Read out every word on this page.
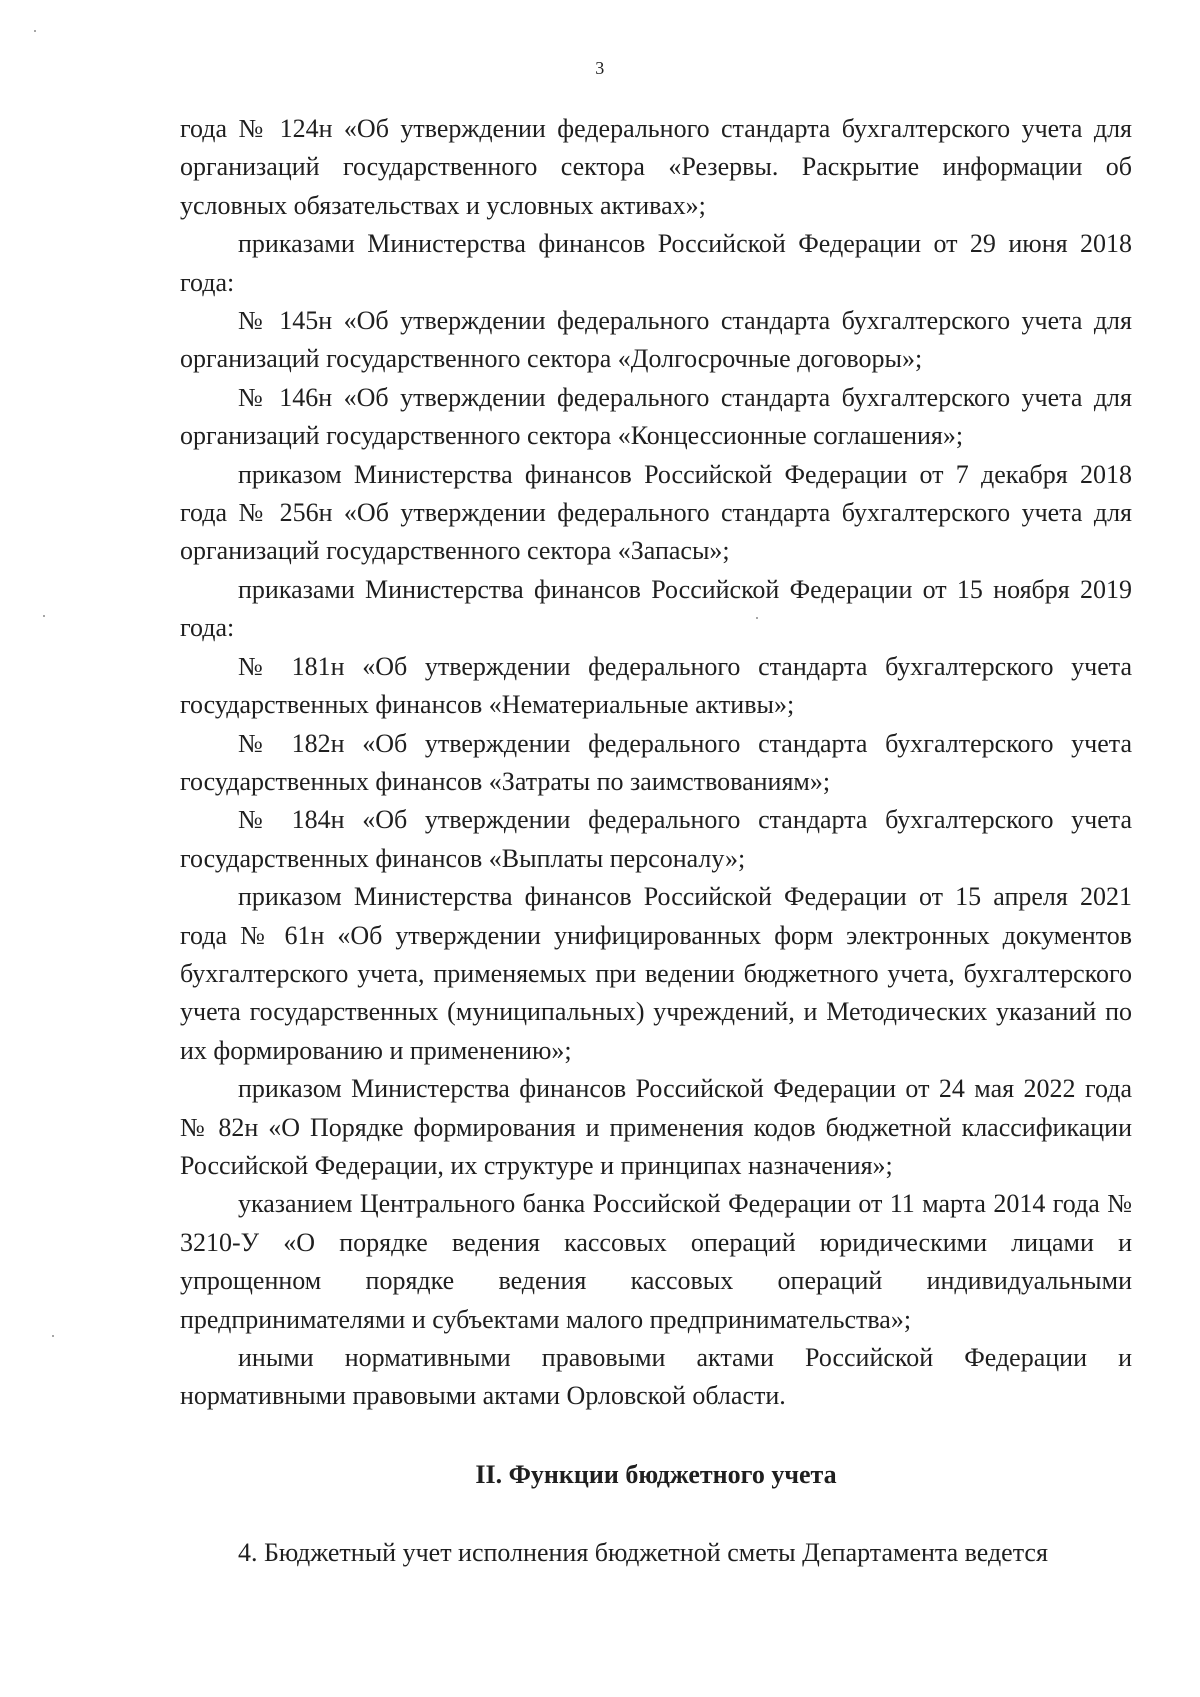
3

года № 124н «Об утверждении федерального стандарта бухгалтерского учета для организаций государственного сектора «Резервы. Раскрытие информации об условных обязательствах и условных активах»;

приказами Министерства финансов Российской Федерации от 29 июня 2018 года:

№ 145н «Об утверждении федерального стандарта бухгалтерского учета для организаций государственного сектора «Долгосрочные договоры»;

№ 146н «Об утверждении федерального стандарта бухгалтерского учета для организаций государственного сектора «Концессионные соглашения»;

приказом Министерства финансов Российской Федерации от 7 декабря 2018 года № 256н «Об утверждении федерального стандарта бухгалтерского учета для организаций государственного сектора «Запасы»;

приказами Министерства финансов Российской Федерации от 15 ноября 2019 года:

№ 181н «Об утверждении федерального стандарта бухгалтерского учета государственных финансов «Нематериальные активы»;

№ 182н «Об утверждении федерального стандарта бухгалтерского учета государственных финансов «Затраты по заимствованиям»;

№ 184н «Об утверждении федерального стандарта бухгалтерского учета государственных финансов «Выплаты персоналу»;

приказом Министерства финансов Российской Федерации от 15 апреля 2021 года № 61н «Об утверждении унифицированных форм электронных документов бухгалтерского учета, применяемых при ведении бюджетного учета, бухгалтерского учета государственных (муниципальных) учреждений, и Методических указаний по их формированию и применению»;

приказом Министерства финансов Российской Федерации от 24 мая 2022 года № 82н «О Порядке формирования и применения кодов бюджетной классификации Российской Федерации, их структуре и принципах назначения»;

указанием Центрального банка Российской Федерации от 11 марта 2014 года № 3210-У «О порядке ведения кассовых операций юридическими лицами и упрощенном порядке ведения кассовых операций индивидуальными предпринимателями и субъектами малого предпринимательства»;

иными нормативными правовыми актами Российской Федерации и нормативными правовыми актами Орловской области.

II. Функции бюджетного учета

4. Бюджетный учет исполнения бюджетной сметы Департамента ведется
